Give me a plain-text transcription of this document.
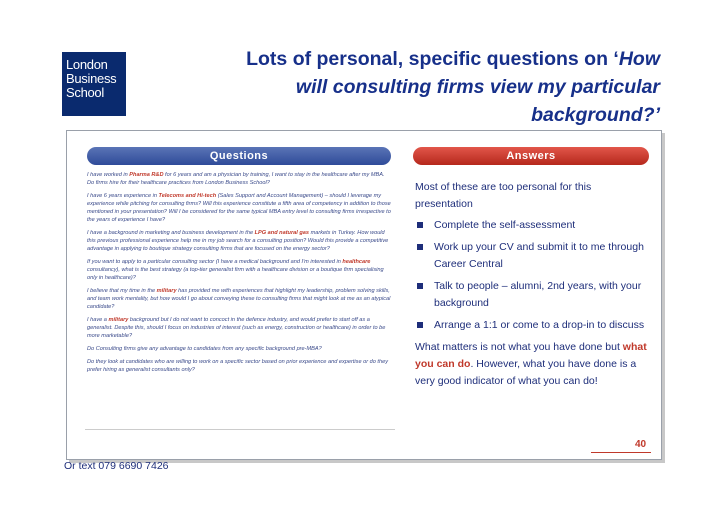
London
Business
School
Lots of personal, specific questions on ‘How
will consulting firms view my particular
background?’
Questions	Answers
I have worked in Pharma R&D for 6 years and am a physician by training, I want to stay in the healthcare after my MBA. Do firms hire for their healthcare practices from London Business School?
I have 6 years experience in Telecoms and Hi-tech (Sales Support and Account Management) – should I leverage my experience while pitching for consulting firms? Will this experience constitute a fifth area of competency in addition to those mentioned in your presentation? Will I be considered for the same typical MBA entry level to consulting firms irrespective to the years of experience I have?
I have a background in marketing and business development in the LPG and natural gas markets in Turkey. How would this previous professional experience help me in my job search for a consulting position? Would this provide a competitive advantage in applying to boutique strategy consulting firms that are focused on the energy sector?
If you want to apply to a particular consulting sector (I have a medical background and I'm interested in healthcare consultancy), what is the best strategy (a top-tier generalist firm with a healthcare division or a boutique firm specialising only in healthcare)?
I believe that my time in the military has provided me with experiences that highlight my leadership, problem solving skills, and team work mentality, but how would I go about conveying these to consulting firms that might look at me as an atypical candidate?
I have a military background but I do not want to concoct in the defence industry, and would prefer to start off as a generalist. Despite this, should I focus on industries of interest (such as energy, construction or healthcare) in order to be more marketable?
Do Consulting firms give any advantage to candidates from any specific background pre-MBA?
Do they look at candidates who are willing to work on a specific sector based on prior experience and expertise or do they prefer hiring as generalist consultants only?
Most of these are too personal for this presentation
Complete the self-assessment
Work up your CV and submit it to me through Career Central
Talk to people – alumni, 2nd years, with your background
Arrange a 1:1 or come to a drop-in to discuss
What matters is not what you have done but what you can do. However, what you have done is a very good indicator of what you can do!
40
Or text 079 6690 7426
